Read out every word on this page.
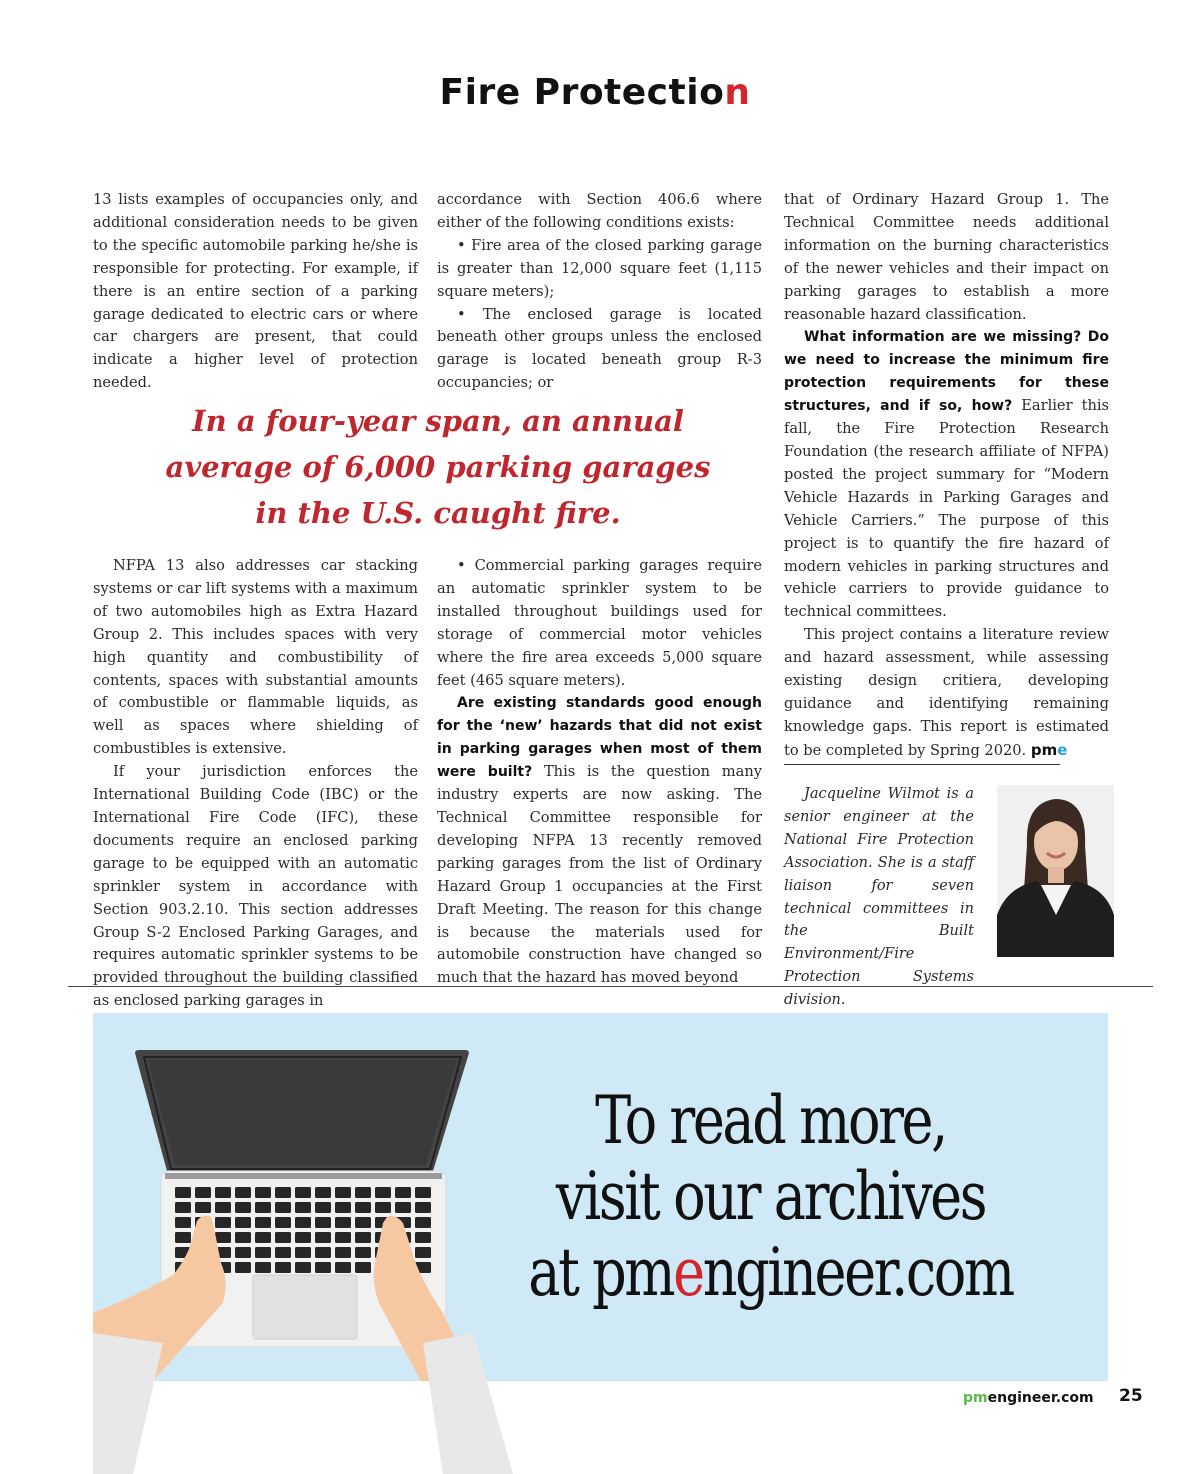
Fire Protection

13 lists examples of occupancies only, and additional consideration needs to be given to the specific automobile parking he/she is responsible for protecting. For example, if there is an entire section of a parking garage dedicated to electric cars or where car chargers are present, that could indicate a higher level of protection needed.

accordance with Section 406.6 where either of the following conditions exists:

• Fire area of the closed parking garage is greater than 12,000 square feet (1,115 square meters);

• The enclosed garage is located beneath other groups unless the enclosed garage is located beneath group R-3 occupancies; or

In a four-year span, an annual
average of 6,000 parking garages
in the U.S. caught fire.

NFPA 13 also addresses car stacking systems or car lift systems with a maximum of two automobiles high as Extra Hazard Group 2. This includes spaces with very high quantity and combustibility of contents, spaces with substantial amounts of combustible or flammable liquids, as well as spaces where shielding of combustibles is extensive.

If your jurisdiction enforces the International Building Code (IBC) or the International Fire Code (IFC), these documents require an enclosed parking garage to be equipped with an automatic sprinkler system in accordance with Section 903.2.10. This section addresses Group S-2 Enclosed Parking Garages, and requires automatic sprinkler systems to be provided throughout the building classified as enclosed parking garages in

• Commercial parking garages require an automatic sprinkler system to be installed throughout buildings used for storage of commercial motor vehicles where the fire area exceeds 5,000 square feet (465 square meters).

Are existing standards good enough for the ‘new’ hazards that did not exist in parking garages when most of them were built? This is the question many industry experts are now asking. The Technical Committee responsible for developing NFPA 13 recently removed parking garages from the list of Ordinary Hazard Group 1 occupancies at the First Draft Meeting. The reason for this change is because the materials used for automobile construction have changed so much that the hazard has moved beyond

that of Ordinary Hazard Group 1. The Technical Committee needs additional information on the burning characteristics of the newer vehicles and their impact on parking garages to establish a more reasonable hazard classification.

What information are we missing? Do we need to increase the minimum fire protection requirements for these structures, and if so, how? Earlier this fall, the Fire Protection Research Foundation (the research affiliate of NFPA) posted the project summary for “Modern Vehicle Hazards in Parking Garages and Vehicle Carriers.” The purpose of this project is to quantify the fire hazard of modern vehicles in parking structures and vehicle carriers to provide guidance to technical committees.

This project contains a literature review and hazard assessment, while assessing existing design critiera, developing guidance and identifying remaining knowledge gaps. This report is estimated to be completed by Spring 2020. pme

Jacqueline Wilmot is a senior engineer at the National Fire Protection Association. She is a staff liaison for seven technical committees in the Built Environment/Fire Protection Systems division.

To read more,
visit our archives
at pmengineer.com
pmengineer.com 25
